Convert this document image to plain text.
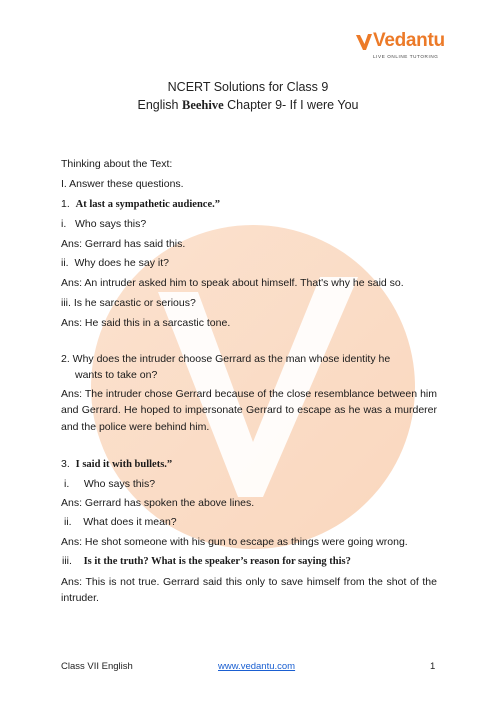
Vedantu
LIVE ONLINE TUTORING
NCERT Solutions for Class 9
English Beehive Chapter 9- If I were You
Thinking about the Text:
I. Answer these questions.
1. At last a sympathetic audience.”
i. Who says this?
Ans: Gerrard has said this.
ii. Why does he say it?
Ans: An intruder asked him to speak about himself. That's why he said so.
iii. Is he sarcastic or serious?
Ans: He said this in a sarcastic tone.
2. Why does the intruder choose Gerrard as the man whose identity he
wants to take on?
Ans: The intruder chose Gerrard because of the close resemblance between him and Gerrard. He hoped to impersonate Gerrard to escape as he was a murderer and the police were behind him.
3. I said it with bullets.”
i. Who says this?
Ans: Gerrard has spoken the above lines.
ii. What does it mean?
Ans: He shot someone with his gun to escape as things were going wrong.
iii. Is it the truth? What is the speaker’s reason for saying this?
Ans: This is not true. Gerrard said this only to save himself from the shot of the intruder.
Class VII English	www.vedantu.com	1
